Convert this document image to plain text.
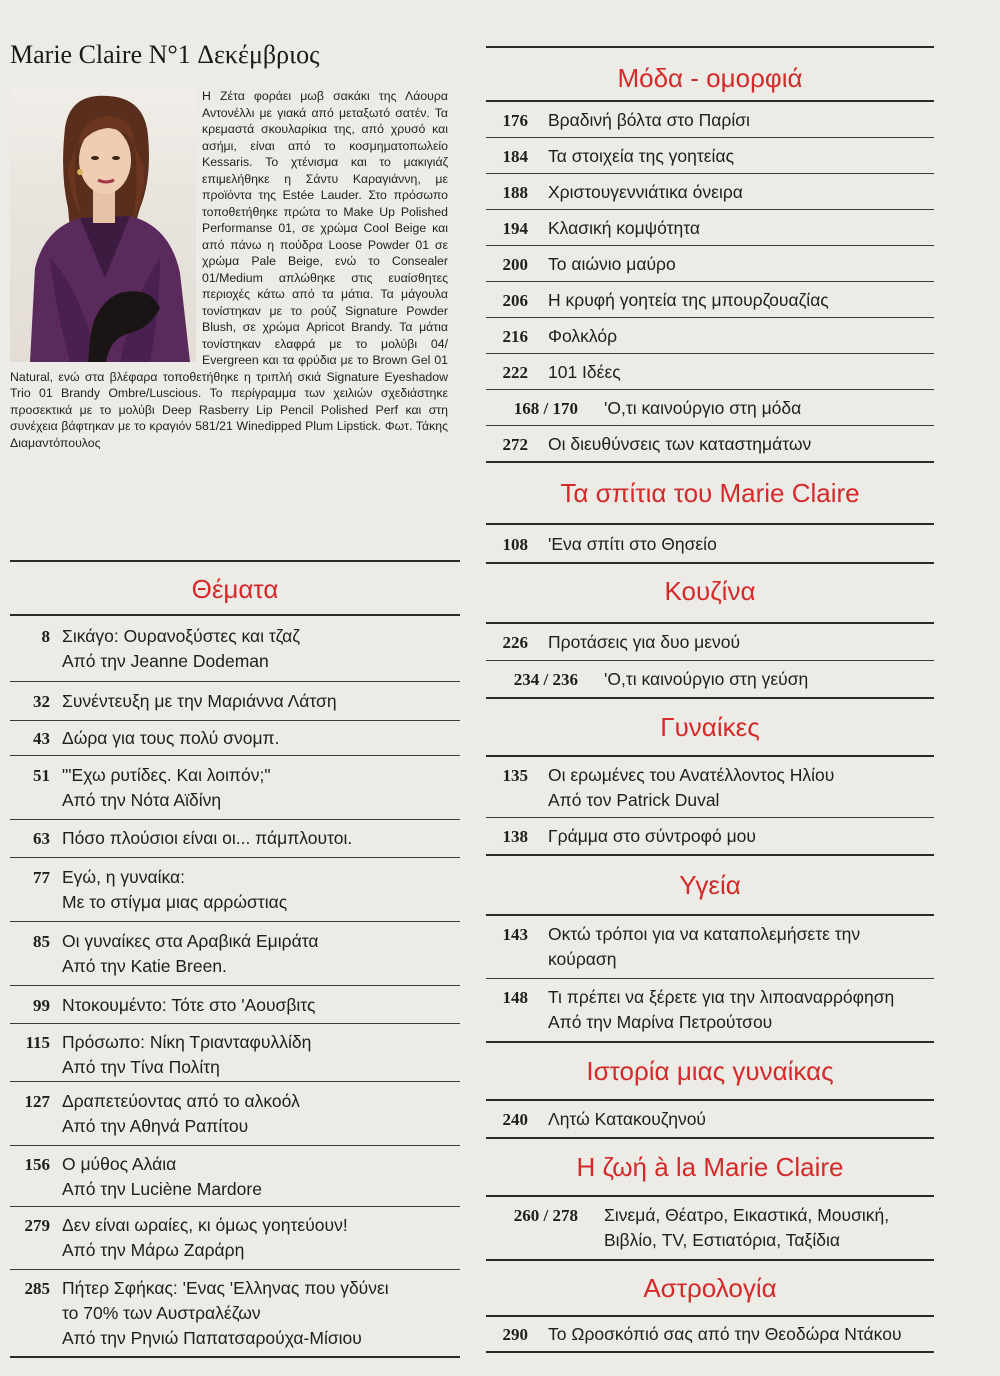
Marie Claire N°1 Δεκέμβριος

Η Ζέτα φοράει μωβ σακάκι της Λάουρα Αντονέλλι με γιακά από μεταξωτό σατέν. Τα κρεμαστά σκουλαρίκια της, από χρυσό και ασήμι, είναι από το κοσμηματοπωλείο Kessaris. Το χτένισμα και το μακιγιάζ επιμελήθηκε η Σάντυ Καραγιάννη, με προϊόντα της Estée Lauder. Στο πρόσωπο τοποθετήθηκε πρώτα το Make Up Polished Performanse 01, σε χρώμα Cool Beige και από πάνω η πούδρα Loose Powder 01 σε χρώμα Pale Beige, ενώ το Consealer 01/Medium απλώθηκε στις ευαίσθητες περιοχές κάτω από τα μάτια. Τα μάγουλα τονίστηκαν με το ρούζ Signature Powder Blush, σε χρώμα Apricot Brandy. Τα μάτια τονίστηκαν ελαφρά με το μολύβι 04/ Evergreen και τα φρύδια με το Brown Gel 01 Natural, ενώ στα βλέφαρα τοποθετήθηκε η τριπλή σκιά Signature Eyeshadow Trio 01 Brandy Ombre/Luscious. Το περίγραμμα των χειλιών σχεδιάστηκε προσεκτικά με το μολύβι Deep Rasberry Lip Pencil Polished Perf και στη συνέχεια βάφτηκαν με το κραγιόν 581/21 Winedipped Plum Lipstick. Φωτ. Τάκης Διαμαντόπουλος

Θέματα
8 Σικάγο: Ουρανοξύστες και τζαζ
Από την Jeanne Dodeman
32 Συνέντευξη με την Μαριάννα Λάτση
43 Δώρα για τους πολύ σνομπ.
51 "'Εχω ρυτίδες. Και λοιπόν;"
Από την Νότα Αϊδίνη
63 Πόσο πλούσιοι είναι οι... πάμπλουτοι.
77 Εγώ, η γυναίκα:
Με το στίγμα μιας αρρώστιας
85 Οι γυναίκες στα Αραβικά Εμιράτα
Από την Katie Breen.
99 Ντοκουμέντο: Τότε στο 'Αουσβιτς
115 Πρόσωπο: Νίκη Τριανταφυλλίδη
Από την Τίνα Πολίτη
127 Δραπετεύοντας από το αλκοόλ
Από την Αθηνά Ραπίτου
156 Ο μύθος Αλάια
Από την Luciène Mardore
279 Δεν είναι ωραίες, κι όμως γοητεύουν!
Από την Μάρω Ζαράρη
285 Πήτερ Σφήκας: 'Ενας 'Ελληνας που γδύνει
το 70% των Αυστραλέζων
Από την Ρηνιώ Παπατσαρούχα-Μίσιου
Μόδα - ομορφιά
176 Βραδινή βόλτα στο Παρίσι
184 Τα στοιχεία της γοητείας
188 Χριστουγεννιάτικα όνειρα
194 Κλασική κομψότητα
200 Το αιώνιο μαύρο
206 Η κρυφή γοητεία της μπουρζουαζίας
216 Φολκλόρ
222 101 Ιδέες
168 / 170 'Ο,τι καινούργιο στη μόδα
272 Οι διευθύνσεις των καταστημάτων
Τα σπίτια του Marie Claire
108 'Ενα σπίτι στο Θησείο
Κουζίνα
226 Προτάσεις για δυο μενού
234 / 236 'Ο,τι καινούργιο στη γεύση
Γυναίκες
135 Οι ερωμένες του Ανατέλλοντος Ηλίου
Από τον Patrick Duval
138 Γράμμα στο σύντροφό μου
Υγεία
143 Οκτώ τρόποι για να καταπολεμήσετε την
κούραση
148 Τι πρέπει να ξέρετε για την λιποαναρρόφηση
Από την Μαρίνα Πετρούτσου
Ιστορία μιας γυναίκας
240 Λητώ Κατακουζηνού
Η ζωή à la Marie Claire
260 / 278 Σινεμά, Θέατρο, Εικαστικά, Μουσική,
Βιβλίο, TV, Εστιατόρια, Ταξίδια
Αστρολογία
290 Το Ωροσκόπιό σας από την Θεοδώρα Ντάκου
